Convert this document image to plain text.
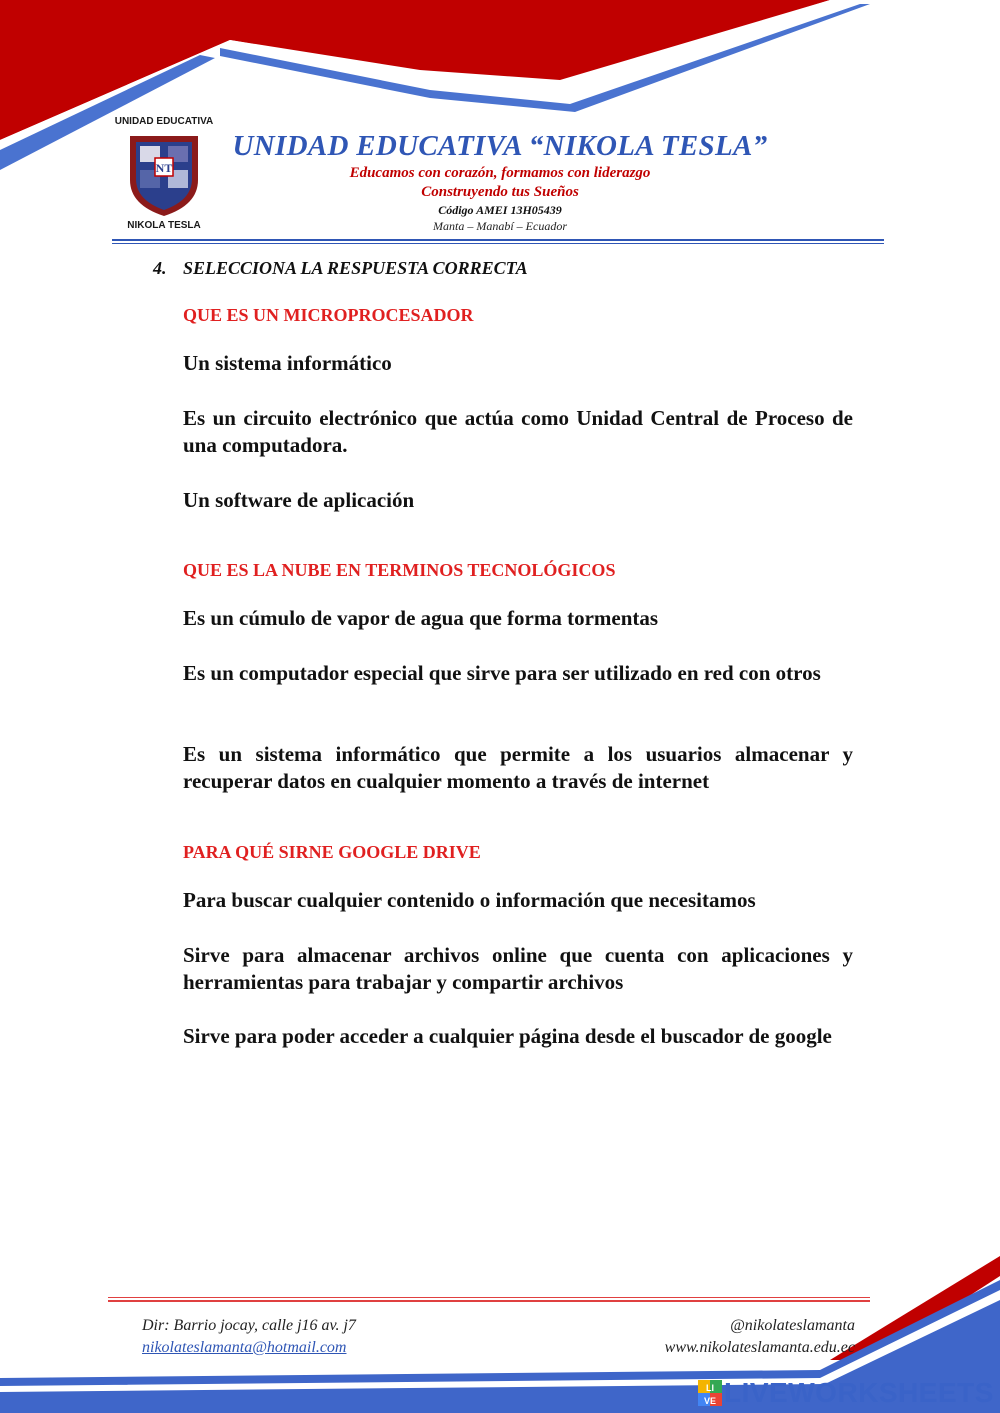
UNIDAD EDUCATIVA
NT
NIKOLA TESLA
UNIDAD EDUCATIVA “NIKOLA TESLA”
Educamos con corazón, formamos con liderazgo
Construyendo tus Sueños
Código AMEI 13H05439
Manta – Manabí – Ecuador
4. SELECCIONA LA RESPUESTA CORRECTA
QUE ES UN MICROPROCESADOR
Un sistema informático
Es un circuito electrónico que actúa como Unidad Central de Proceso de una computadora.
Un software de aplicación
QUE ES LA NUBE EN TERMINOS TECNOLÓGICOS
Es un cúmulo de vapor de agua que forma tormentas
Es un computador especial que sirve para ser utilizado en red con otros
Es un sistema informático que permite a los usuarios almacenar y recuperar datos en cualquier momento a través de internet
PARA QUÉ SIRNE GOOGLE DRIVE
Para buscar cualquier contenido o información que necesitamos
Sirve para almacenar archivos online que cuenta con aplicaciones y herramientas para trabajar y compartir archivos
Sirve para poder acceder a cualquier página desde el buscador de google
Dir: Barrio jocay, calle j16 av. j7
nikolateslamanta@hotmail.com
@nikolateslamanta
www.nikolateslamanta.edu.ec
LI
VE LIVEWORKSHEETS
